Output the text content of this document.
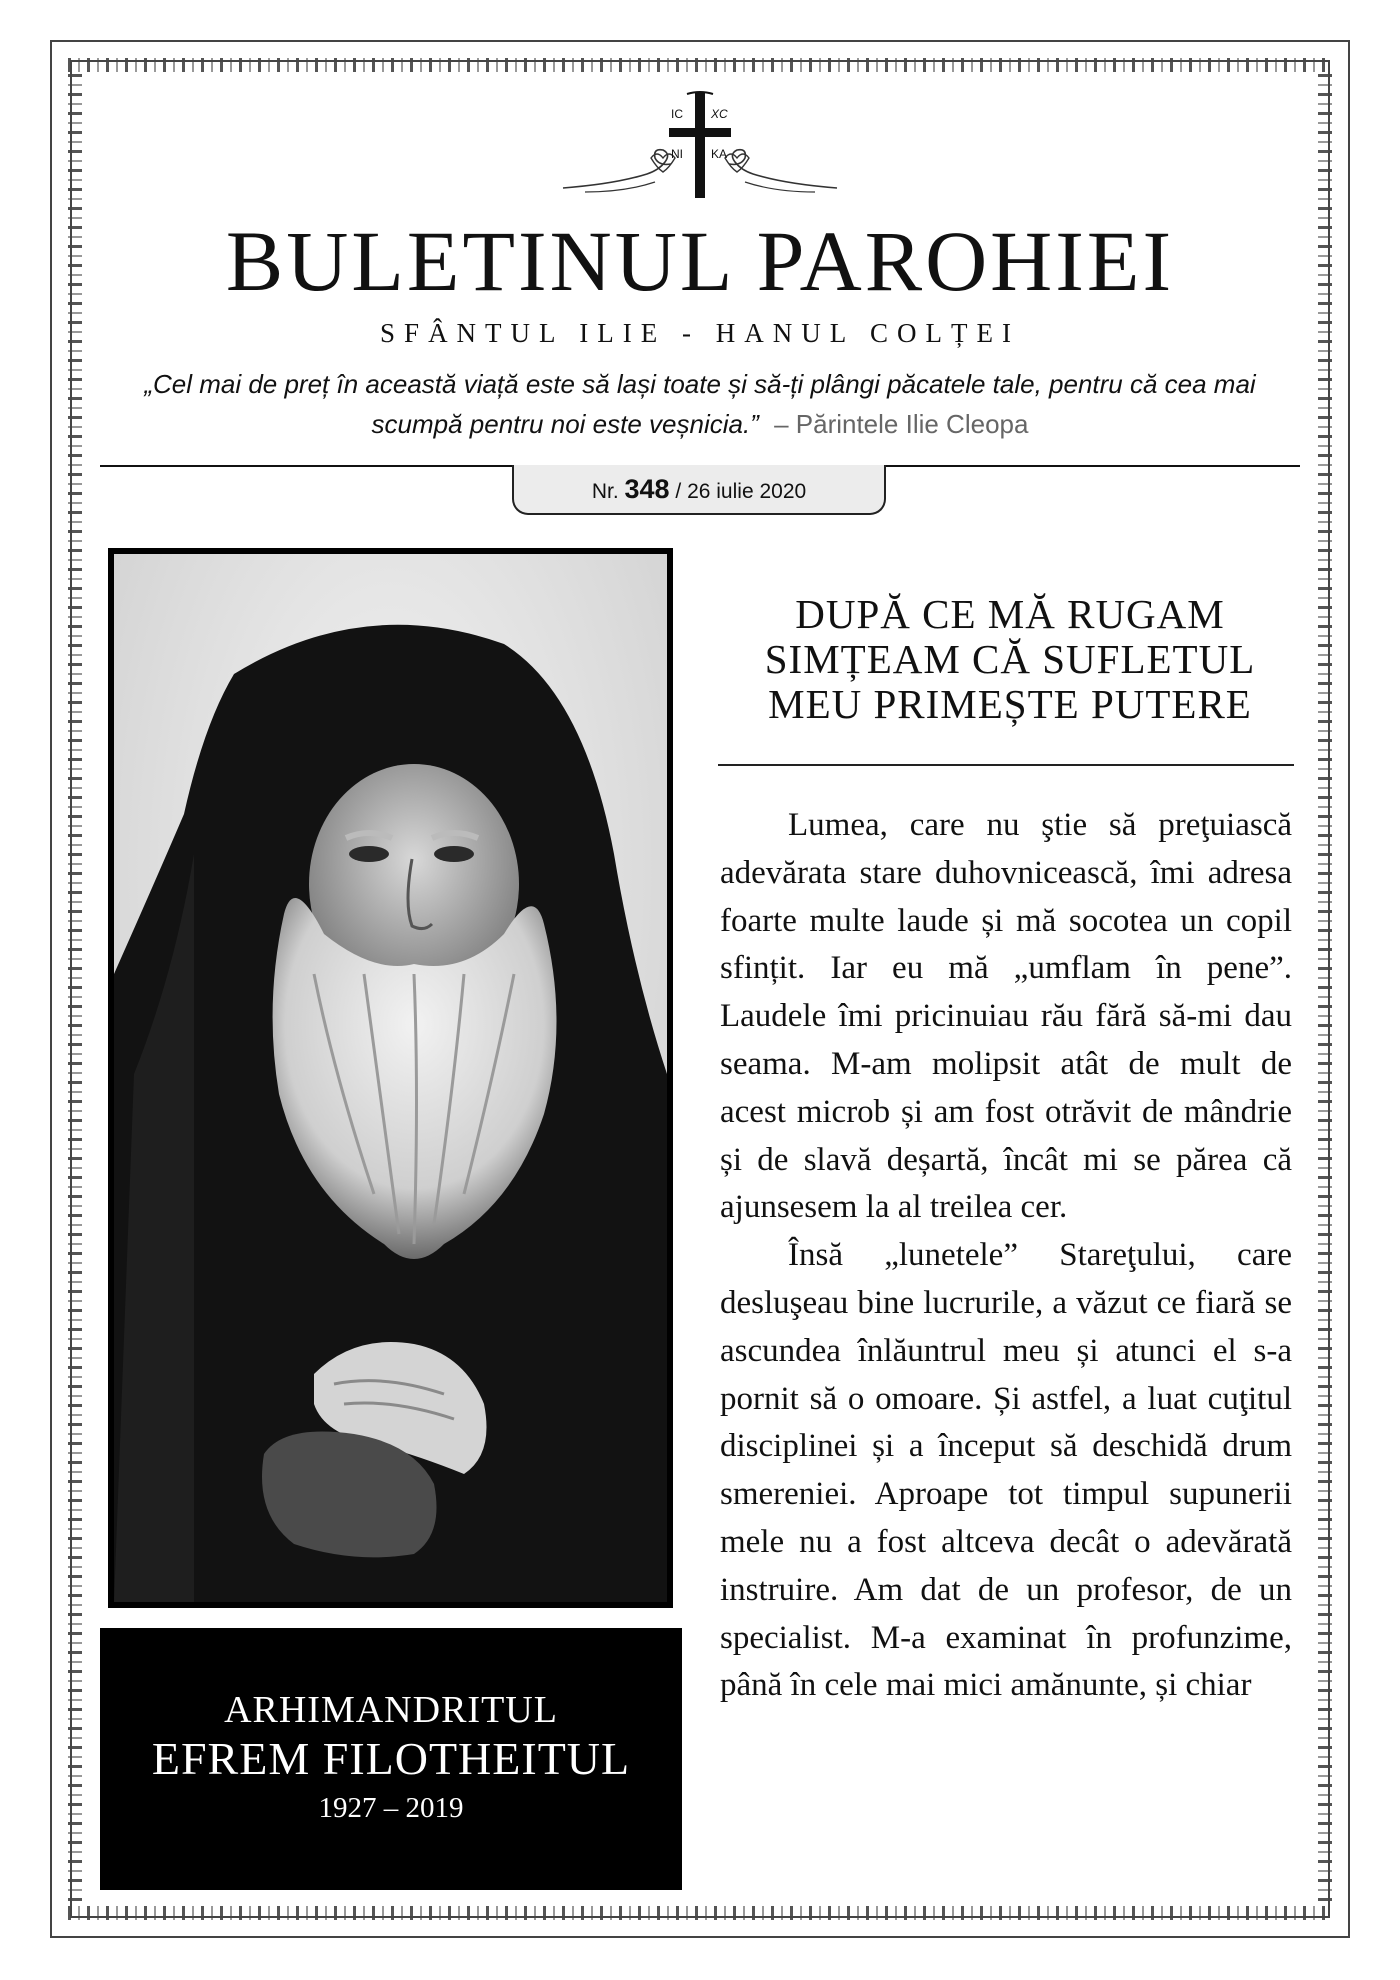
IC XC
NI KA
BULETINUL PAROHIEI
SFÂNTUL ILIE - HANUL COLȚEI
„Cel mai de preț în această viață este să lași toate și să-ți plângi păcatele tale, pentru că cea mai scumpă pentru noi este veșnicia.” – Părintele Ilie Cleopa
Nr. 348 / 26 iulie 2020
ARHIMANDRITUL
EFREM FILOTHEITUL
1927 – 2019
DUPĂ CE MĂ RUGAM SIMȚEAM CĂ SUFLETUL MEU PRIMEȘTE PUTERE

Lumea, care nu ştie să preţuiască adevărata stare duhovnicească, îmi adresa foarte multe laude și mă socotea un copil sfințit. Iar eu mă „umflam în pene”. Laudele îmi pricinuiau rău fără să-mi dau seama. M-am molipsit atât de mult de acest microb și am fost otrăvit de mândrie și de slavă deșartă, încât mi se părea că ajunsesem la al treilea cer.

Însă „lunetele” Stareţului, care desluşeau bine lucrurile, a văzut ce fiară se ascundea înlăuntrul meu și atunci el s-a pornit să o omoare. Și astfel, a luat cuţitul disciplinei și a început să deschidă drum smereniei. Aproape tot timpul supunerii mele nu a fost altceva decât o adevărată instruire. Am dat de un profesor, de un specialist. M-a examinat în profunzime, până în cele mai mici amănunte, și chiar
